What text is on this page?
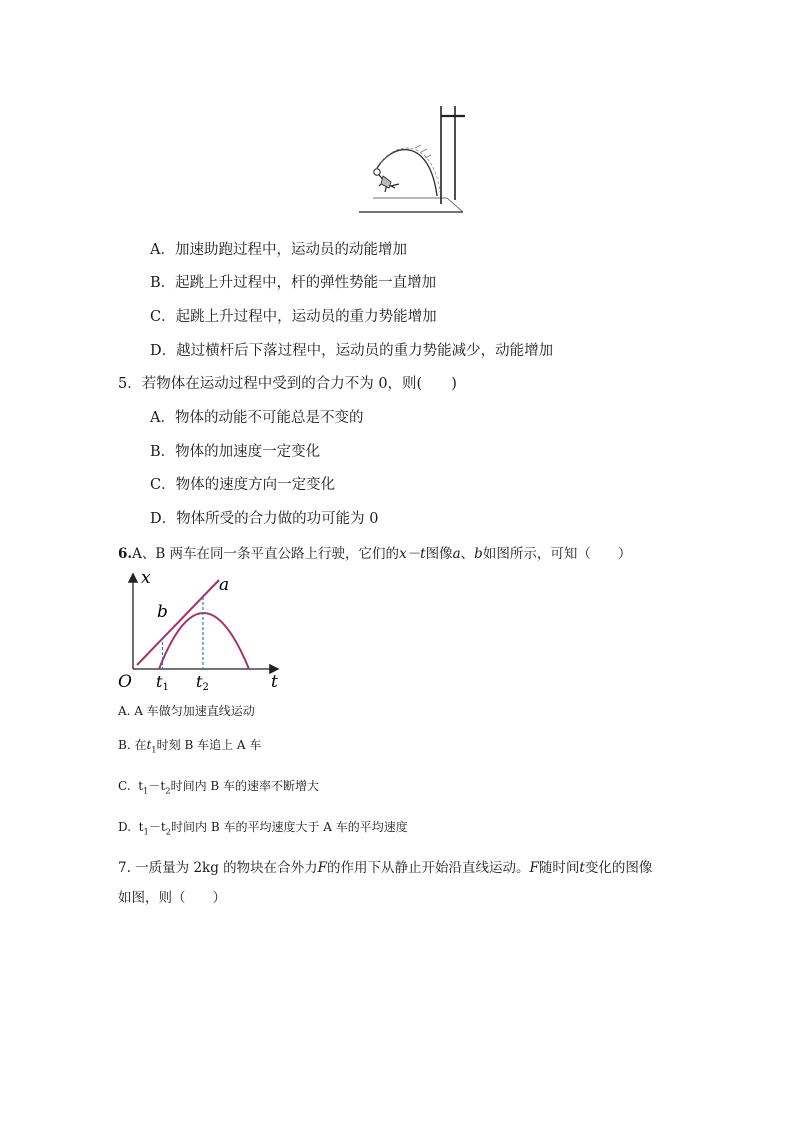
A．加速助跑过程中，运动员的动能增加
B．起跳上升过程中，杆的弹性势能一直增加
C．起跳上升过程中，运动员的重力势能增加
D．越过横杆后下落过程中，运动员的重力势能减少，动能增加
5．若物体在运动过程中受到的合力不为 0，则(　　)
A．物体的动能不可能总是不变的
B．物体的加速度一定变化
C．物体的速度方向一定变化
D．物体所受的合力做的功可能为 0
6.A、B 两车在同一条平直公路上行驶，它们的x－t图像a、b如图所示，可知（　　）
x
t
O
a
b
t1 t2
A. A 车做匀加速直线运动
B. 在$t_1$时刻 B 车追上 A 车
C.  $t_1-t_2$时间内 B 车的速率不断增大
D.  $t_1-t_2$时间内 B 车的平均速度大于 A 车的平均速度
7. 一质量为 2kg 的物块在合外力F的作用下从静止开始沿直线运动。F随时间t变化的图像
如图，则（　　）
